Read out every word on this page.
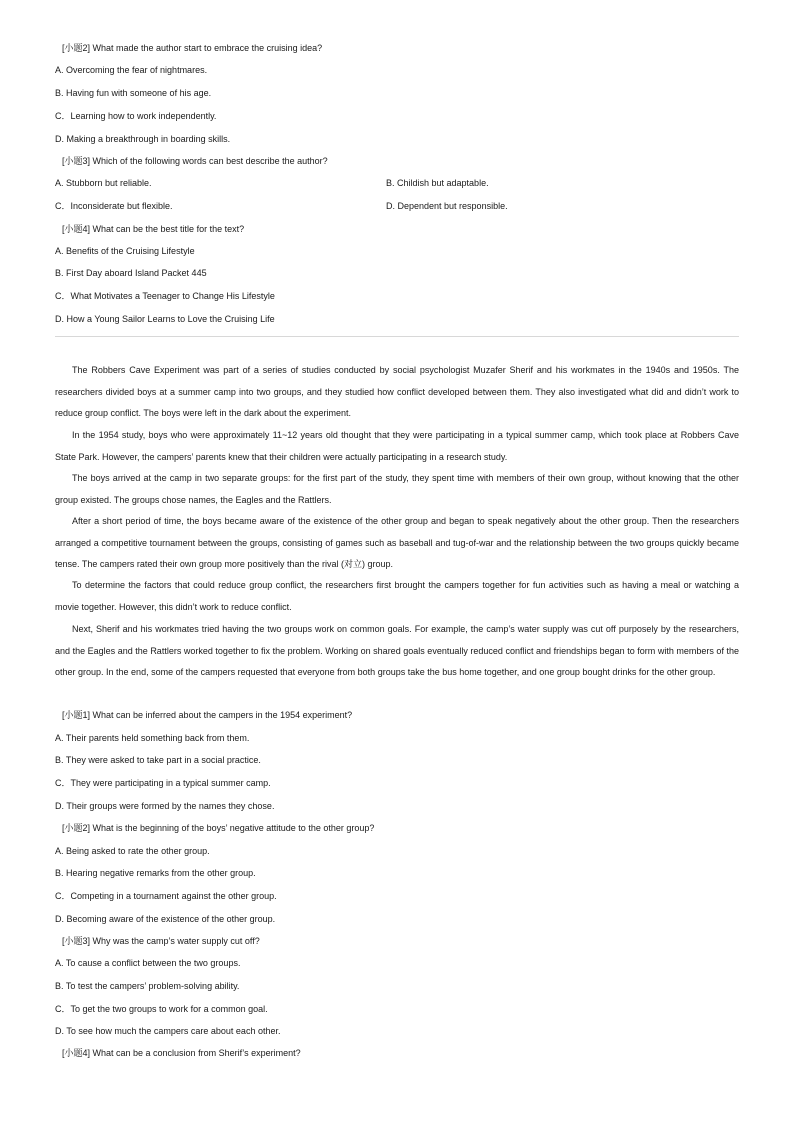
[小题2] What made the author start to embrace the cruising idea?
A. Overcoming the fear of nightmares.
B. Having fun with someone of his age.
C．Learning how to work independently.
D. Making a breakthrough in boarding skills.
[小题3] Which of the following words can best describe the author?
A. Stubborn but reliable.	B. Childish but adaptable.
C．Inconsiderate but flexible.	D. Dependent but responsible.
[小题4] What can be the best title for the text?
A. Benefits of the Cruising Lifestyle
B. First Day aboard Island Packet 445
C．What Motivates a Teenager to Change His Lifestyle
D. How a Young Sailor Learns to Love the Cruising Life
The Robbers Cave Experiment was part of a series of studies conducted by social psychologist Muzafer Sherif and his workmates in the 1940s and 1950s. The researchers divided boys at a summer camp into two groups, and they studied how conflict developed between them. They also investigated what did and didn’t work to reduce group conflict. The boys were left in the dark about the experiment.
In the 1954 study, boys who were approximately 11~12 years old thought that they were participating in a typical summer camp, which took place at Robbers Cave State Park. However, the campers’ parents knew that their children were actually participating in a research study.
The boys arrived at the camp in two separate groups: for the first part of the study, they spent time with members of their own group, without knowing that the other group existed. The groups chose names, the Eagles and the Rattlers.
After a short period of time, the boys became aware of the existence of the other group and began to speak negatively about the other group. Then the researchers arranged a competitive tournament between the groups, consisting of games such as baseball and tug-of-war and the relationship between the two groups quickly became tense. The campers rated their own group more positively than the rival (对立) group.
To determine the factors that could reduce group conflict, the researchers first brought the campers together for fun activities such as having a meal or watching a movie together. However, this didn’t work to reduce conflict.
Next, Sherif and his workmates tried having the two groups work on common goals. For example, the camp’s water supply was cut off purposely by the researchers, and the Eagles and the Rattlers worked together to fix the problem. Working on shared goals eventually reduced conflict and friendships began to form with members of the other group. In the end, some of the campers requested that everyone from both groups take the bus home together, and one group bought drinks for the other group.
[小题1] What can be inferred about the campers in the 1954 experiment?
A. Their parents held something back from them.
B. They were asked to take part in a social practice.
C．They were participating in a typical summer camp.
D. Their groups were formed by the names they chose.
[小题2] What is the beginning of the boys’ negative attitude to the other group?
A. Being asked to rate the other group.
B. Hearing negative remarks from the other group.
C．Competing in a tournament against the other group.
D. Becoming aware of the existence of the other group.
[小题3] Why was the camp’s water supply cut off?
A. To cause a conflict between the two groups.
B. To test the campers’ problem-solving ability.
C．To get the two groups to work for a common goal.
D. To see how much the campers care about each other.
[小题4] What can be a conclusion from Sherif’s experiment?
